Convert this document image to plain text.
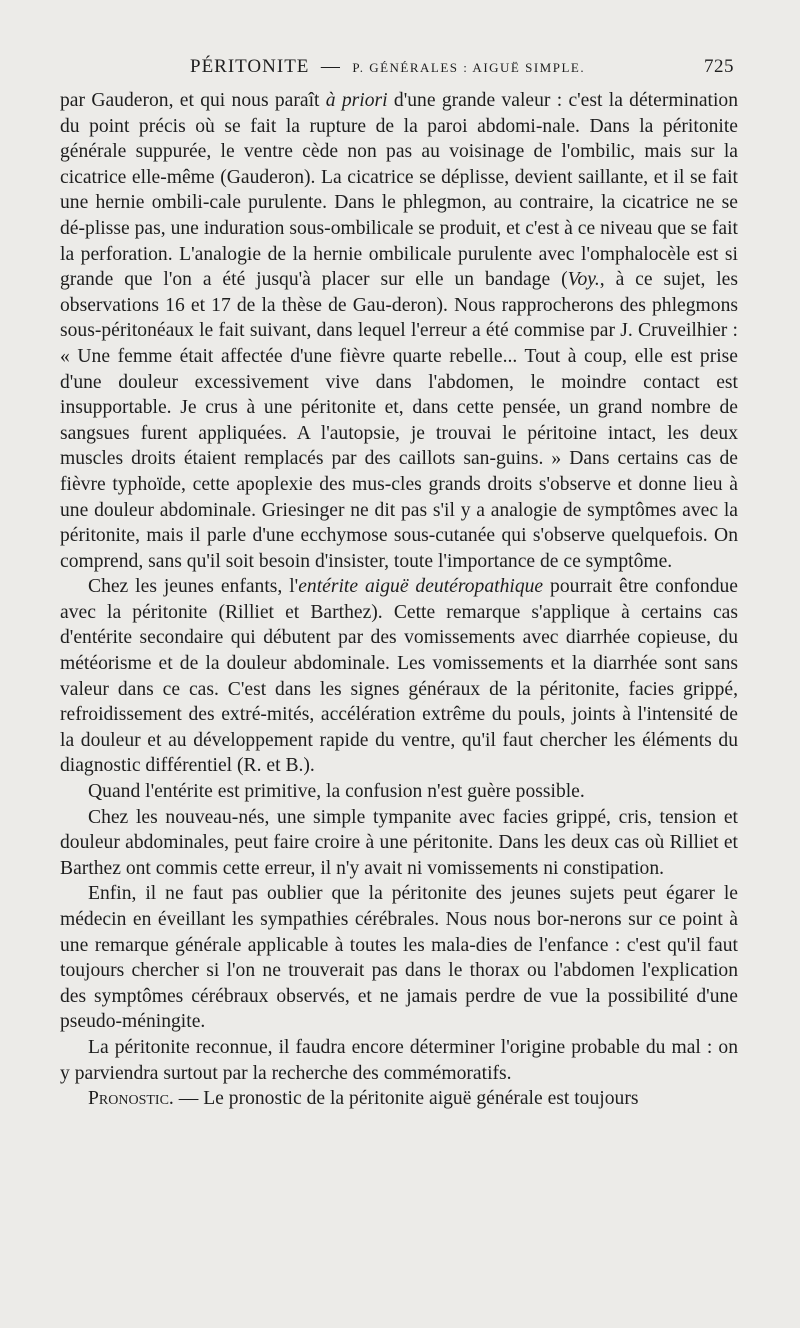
PÉRITONITE — P. GÉNÉRALES : AIGUË SIMPLE.	725

par Gauderon, et qui nous paraît à priori d'une grande valeur : c'est la détermination du point précis où se fait la rupture de la paroi abdomi-nale. Dans la péritonite générale suppurée, le ventre cède non pas au voisinage de l'ombilic, mais sur la cicatrice elle-même (Gauderon). La cicatrice se déplisse, devient saillante, et il se fait une hernie ombili-cale purulente. Dans le phlegmon, au contraire, la cicatrice ne se dé-plisse pas, une induration sous-ombilicale se produit, et c'est à ce niveau que se fait la perforation. L'analogie de la hernie ombilicale purulente avec l'omphalocèle est si grande que l'on a été jusqu'à placer sur elle un bandage (Voy., à ce sujet, les observations 16 et 17 de la thèse de Gau-deron). Nous rapprocherons des phlegmons sous-péritonéaux le fait suivant, dans lequel l'erreur a été commise par J. Cruveilhier : « Une femme était affectée d'une fièvre quarte rebelle... Tout à coup, elle est prise d'une douleur excessivement vive dans l'abdomen, le moindre contact est insupportable. Je crus à une péritonite et, dans cette pensée, un grand nombre de sangsues furent appliquées. A l'autopsie, je trouvai le péritoine intact, les deux muscles droits étaient remplacés par des caillots san-guins. » Dans certains cas de fièvre typhoïde, cette apoplexie des mus-cles grands droits s'observe et donne lieu à une douleur abdominale. Griesinger ne dit pas s'il y a analogie de symptômes avec la péritonite, mais il parle d'une ecchymose sous-cutanée qui s'observe quelquefois. On comprend, sans qu'il soit besoin d'insister, toute l'importance de ce symptôme.

Chez les jeunes enfants, l'entérite aiguë deutéropathique pourrait être confondue avec la péritonite (Rilliet et Barthez). Cette remarque s'applique à certains cas d'entérite secondaire qui débutent par des vomissements avec diarrhée copieuse, du météorisme et de la douleur abdominale. Les vomissements et la diarrhée sont sans valeur dans ce cas. C'est dans les signes généraux de la péritonite, facies grippé, refroidissement des extré-mités, accélération extrême du pouls, joints à l'intensité de la douleur et au développement rapide du ventre, qu'il faut chercher les éléments du diagnostic différentiel (R. et B.).

Quand l'entérite est primitive, la confusion n'est guère possible.

Chez les nouveau-nés, une simple tympanite avec facies grippé, cris, tension et douleur abdominales, peut faire croire à une péritonite. Dans les deux cas où Rilliet et Barthez ont commis cette erreur, il n'y avait ni vomissements ni constipation.

Enfin, il ne faut pas oublier que la péritonite des jeunes sujets peut égarer le médecin en éveillant les sympathies cérébrales. Nous nous bor-nerons sur ce point à une remarque générale applicable à toutes les mala-dies de l'enfance : c'est qu'il faut toujours chercher si l'on ne trouverait pas dans le thorax ou l'abdomen l'explication des symptômes cérébraux observés, et ne jamais perdre de vue la possibilité d'une pseudo-méningite.

La péritonite reconnue, il faudra encore déterminer l'origine probable du mal : on y parviendra surtout par la recherche des commémoratifs.

Pronostic. — Le pronostic de la péritonite aiguë générale est toujours
